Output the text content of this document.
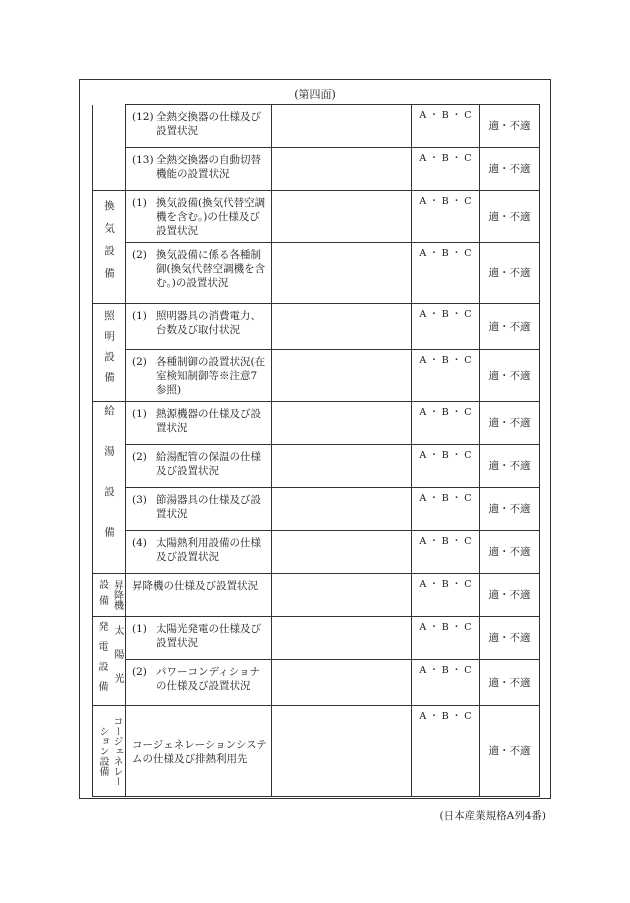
(第四面)

	(12) 全熱交換器の仕様及び設置状況		A ・ B ・ C	適・不適

	(13) 全熱交換器の自動切替機能の設置状況		A ・ B ・ C	適・不適
換気設備	(1) 換気設備(換気代替空調機を含む。)の仕様及び設置状況		A ・ B ・ C	適・不適

	(2) 換気設備に係る各種制御(換気代替空調機を含む。)の設置状況		A ・ B ・ C	適・不適
照明設備	(1) 照明器具の消費電力、台数及び取付状況		A ・ B ・ C	適・不適

	(2) 各種制御の設置状況(在室検知制御等※注意7参照)		A ・ B ・ C	適・不適
給湯設備	(1) 熱源機器の仕様及び設置状況		A ・ B ・ C	適・不適

	(2) 給湯配管の保温の仕様及び設置状況		A ・ B ・ C	適・不適

	(3) 節湯器具の仕様及び設置状況		A ・ B ・ C	適・不適

	(4) 太陽熱利用設備の仕様及び設置状況		A ・ B ・ C	適・不適

昇降機
設備	昇降機の仕様及び設置状況		A ・ B ・ C	適・不適

太陽光
発電設備	(1) 太陽光発電の仕様及び設置状況		A ・ B ・ C	適・不適

	(2) パワーコンディショナの仕様及び設置状況		A ・ B ・ C	適・不適

コージェネレー
ション設備	コージェネレーションシステムの仕様及び排熱利用先		A ・ B ・ C	適・不適
(日本産業規格A列4番)
